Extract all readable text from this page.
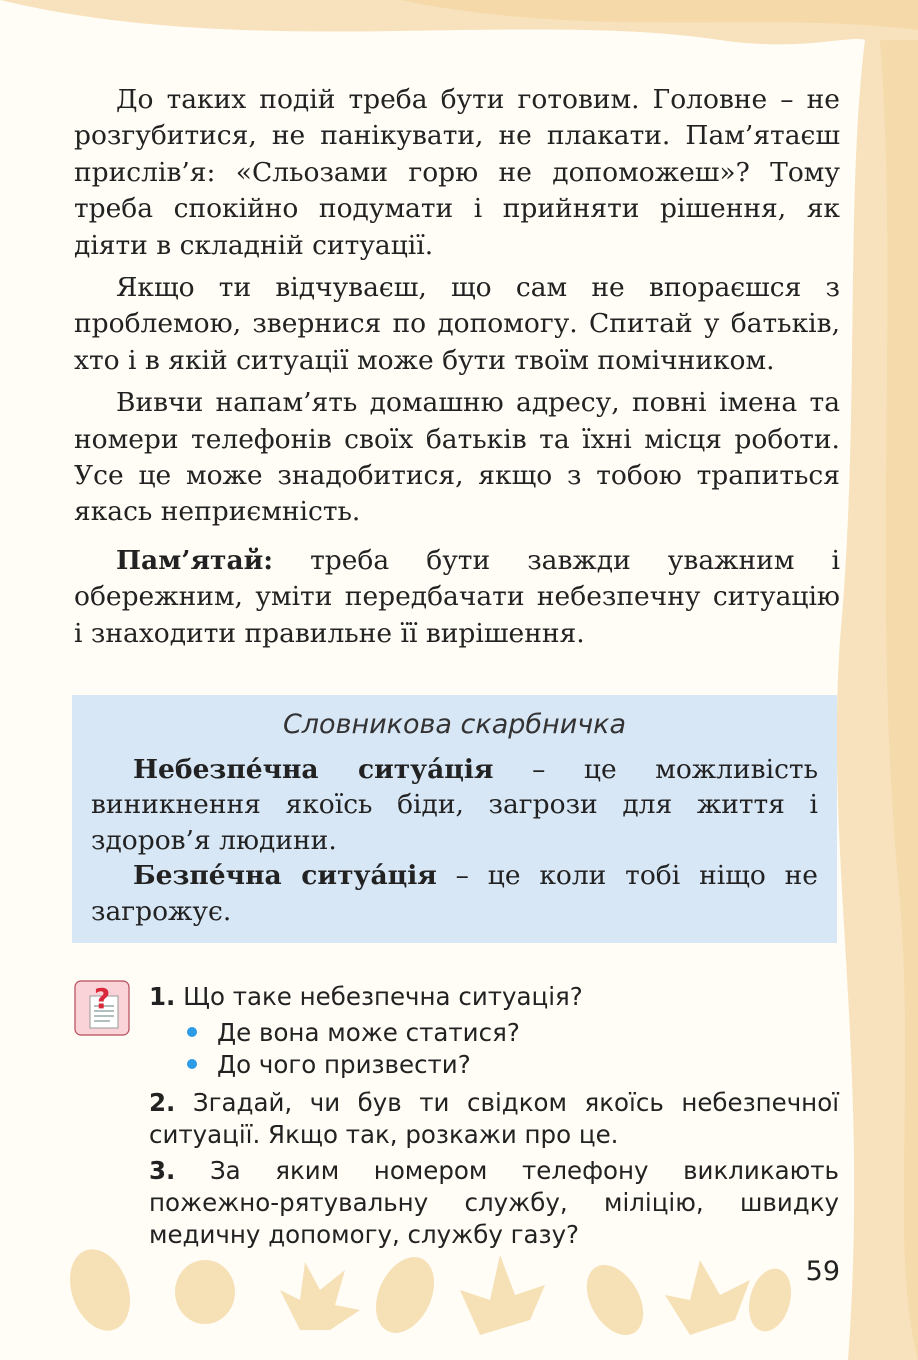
До таких подій треба бути готовим. Головне – не розгубитися, не панікувати, не плакати. Пам’ятаєш прислів’я: «Сльозами горю не допоможеш»? Тому треба спокійно подумати і прийняти рішення, як діяти в складній ситуації.

Якщо ти відчуваєш, що сам не впораєшся з проблемою, звернися по допомогу. Спитай у батьків, хто і в якій ситуації може бути твоїм помічником.

Вивчи напам’ять домашню адресу, повні імена та номери телефонів своїх батьків та їхні місця роботи. Усе це може знадобитися, якщо з тобою трапиться якась неприємність.

Пам’ятай: треба бути завжди уважним і обережним, уміти передбачати небезпечну ситуацію і знаходити правильне її вирішення.

Словникова скарбничка

Небезпе́чна ситуа́ція – це можливість виникнення якоїсь біди, загрози для життя і здоров’я людини.

Безпе́чна ситуа́ція – це коли тобі ніщо не загрожує.

? 1. Що таке небезпечна ситуація?

Де вона може статися?

До чого призвести?

2. Згадай, чи був ти свідком якоїсь небезпечної ситуації. Якщо так, розкажи про це.

3. За яким номером телефону викликають пожежно-рятувальну службу, міліцію, швидку медичну допомогу, службу газу?

59
